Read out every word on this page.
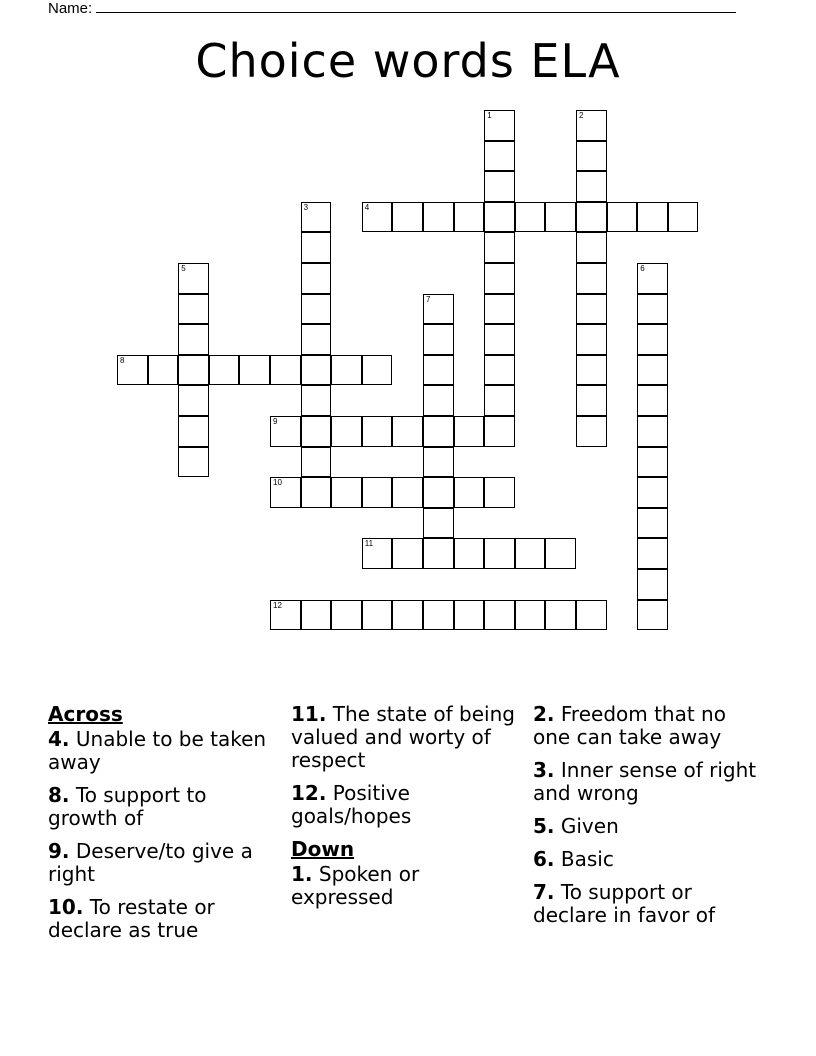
Name:
Choice words ELA
1	2
3	4
5	6
7
8
9
10
11
12
Across
4. Unable to be taken away
8. To support to growth of
9. Deserve/to give a right
10. To restate or declare as true
11. The state of being valued and worty of respect
12. Positive goals/hopes
Down
1. Spoken or expressed
2. Freedom that no one can take away
3. Inner sense of right and wrong
5. Given
6. Basic
7. To support or declare in favor of
